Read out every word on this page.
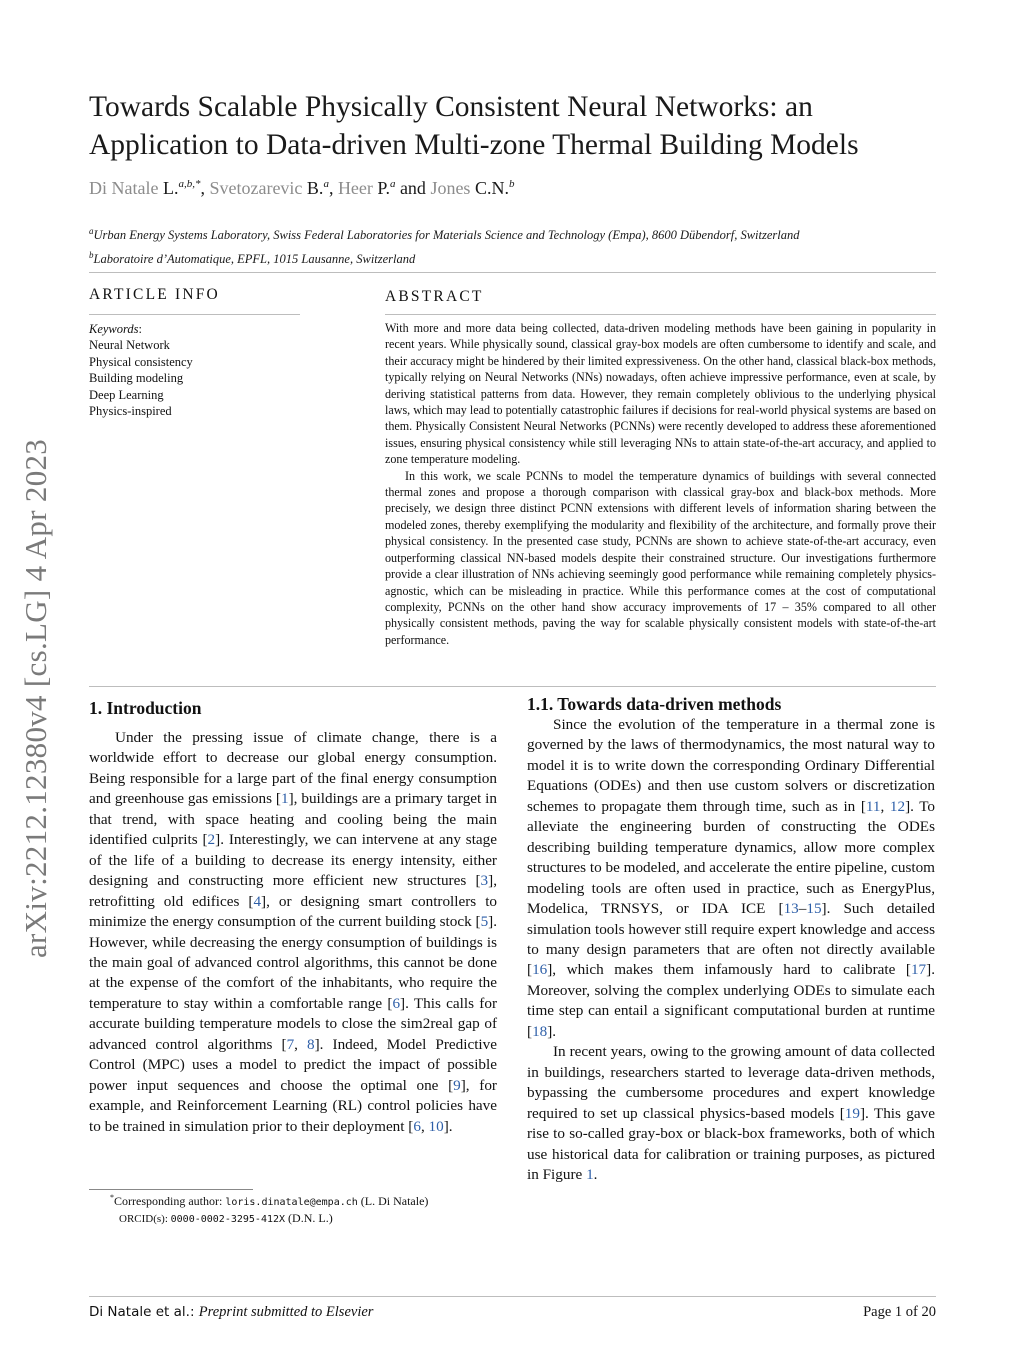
arXiv:2212.12380v4 [cs.LG] 4 Apr 2023
Towards Scalable Physically Consistent Neural Networks: an
Application to Data-driven Multi-zone Thermal Building Models
Di Natale L.$^{a,b,*}$, Svetozarevic B.$^a$, Heer P.$^a$ and Jones C.N.$^b$
$^a$Urban Energy Systems Laboratory, Swiss Federal Laboratories for Materials Science and Technology (Empa), 8600 Dübendorf, Switzerland
$^b$Laboratoire d’Automatique, EPFL, 1015 Lausanne, Switzerland
ARTICLE INFO	ABSTRACT
Keywords:
Neural Network
Physical consistency
Building modeling
Deep Learning
Physics-inspired

With more and more data being collected, data-driven modeling methods have been gaining in popularity in recent years. While physically sound, classical gray-box models are often cumbersome to identify and scale, and their accuracy might be hindered by their limited expressiveness. On the other hand, classical black-box methods, typically relying on Neural Networks (NNs) nowadays, often achieve impressive performance, even at scale, by deriving statistical patterns from data. However, they remain completely oblivious to the underlying physical laws, which may lead to potentially catastrophic failures if decisions for real-world physical systems are based on them. Physically Consistent Neural Networks (PCNNs) were recently developed to address these aforementioned issues, ensuring physical consistency while still leveraging NNs to attain state-of-the-art accuracy, and applied to zone temperature modeling.

In this work, we scale PCNNs to model the temperature dynamics of buildings with several connected thermal zones and propose a thorough comparison with classical gray-box and black-box methods. More precisely, we design three distinct PCNN extensions with different levels of information sharing between the modeled zones, thereby exemplifying the modularity and flexibility of the architecture, and formally prove their physical consistency. In the presented case study, PCNNs are shown to achieve state-of-the-art accuracy, even outperforming classical NN-based models despite their constrained structure. Our investigations furthermore provide a clear illustration of NNs achieving seemingly good performance while remaining completely physics-agnostic, which can be misleading in practice. While this performance comes at the cost of computational complexity, PCNNs on the other hand show accuracy improvements of 17 – 35% compared to all other physically consistent methods, paving the way for scalable physically consistent models with state-of-the-art performance.

1. Introduction

Under the pressing issue of climate change, there is a worldwide effort to decrease our global energy consumption. Being responsible for a large part of the final energy consumption and greenhouse gas emissions [1], buildings are a primary target in that trend, with space heating and cooling being the main identified culprits [2]. Interestingly, we can intervene at any stage of the life of a building to decrease its energy intensity, either designing and constructing more efficient new structures [3], retrofitting old edifices [4], or designing smart controllers to minimize the energy consumption of the current building stock [5]. However, while decreasing the energy consumption of buildings is the main goal of advanced control algorithms, this cannot be done at the expense of the comfort of the inhabitants, who require the temperature to stay within a comfortable range [6]. This calls for accurate building temperature models to close the sim2real gap of advanced control algorithms [7, 8]. Indeed, Model Predictive Control (MPC) uses a model to predict the impact of possible power input sequences and choose the optimal one [9], for example, and Reinforcement Learning (RL) control policies have to be trained in simulation prior to their deployment [6, 10].

1.1. Towards data-driven methods

Since the evolution of the temperature in a thermal zone is governed by the laws of thermodynamics, the most natural way to model it is to write down the corresponding Ordinary Differential Equations (ODEs) and then use custom solvers or discretization schemes to propagate them through time, such as in [11, 12]. To alleviate the engineering burden of constructing the ODEs describing building temperature dynamics, allow more complex structures to be modeled, and accelerate the entire pipeline, custom modeling tools are often used in practice, such as EnergyPlus, Modelica, TRNSYS, or IDA ICE [13–15]. Such detailed simulation tools however still require expert knowledge and access to many design parameters that are often not directly available [16], which makes them infamously hard to calibrate [17]. Moreover, solving the complex underlying ODEs to simulate each time step can entail a significant computational burden at runtime [18].

In recent years, owing to the growing amount of data collected in buildings, researchers started to leverage data-driven methods, bypassing the cumbersome procedures and expert knowledge required to set up classical physics-based models [19]. This gave rise to so-called gray-box or black-box frameworks, both of which use historical data for calibration or training purposes, as pictured in Figure 1.

*Corresponding author: loris.dinatale@empa.ch (L. Di Natale)
ORCID(s): 0000-0002-3295-412X (D.N. L.)
Di Natale et al.: Preprint submitted to Elsevier	Page 1 of 20
